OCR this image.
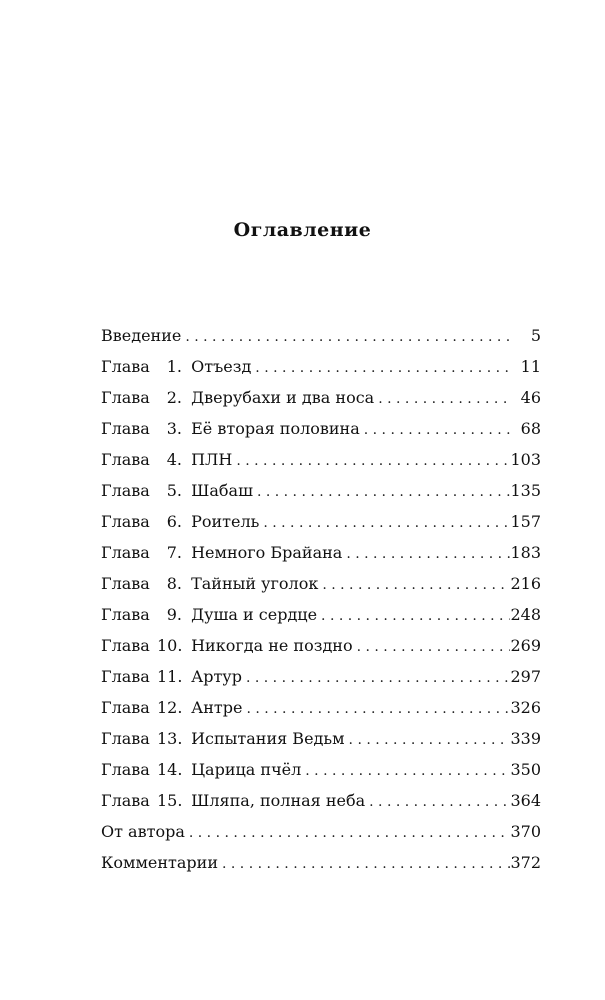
Оглавление
Введение . . .	5
Глава 1. Отъезд . . .	11
Глава 2. Дверубахи и два носа . . .	46
Глава 3. Её вторая половина . . .	68
Глава 4. ПЛН . . .	103
Глава 5. Шабаш . . .	135
Глава 6. Роитель . . .	157
Глава 7. Немного Брайана . . .	183
Глава 8. Тайный уголок . . .	216
Глава 9. Душа и сердце . . .	248
Глава 10. Никогда не поздно . . .	269
Глава 11. Артур . . .	297
Глава 12. Антре . . .	326
Глава 13. Испытания Ведьм . . .	339
Глава 14. Царица пчёл . . .	350
Глава 15. Шляпа, полная неба . . .	364
От автора . . .	370
Комментарии . . .	372
